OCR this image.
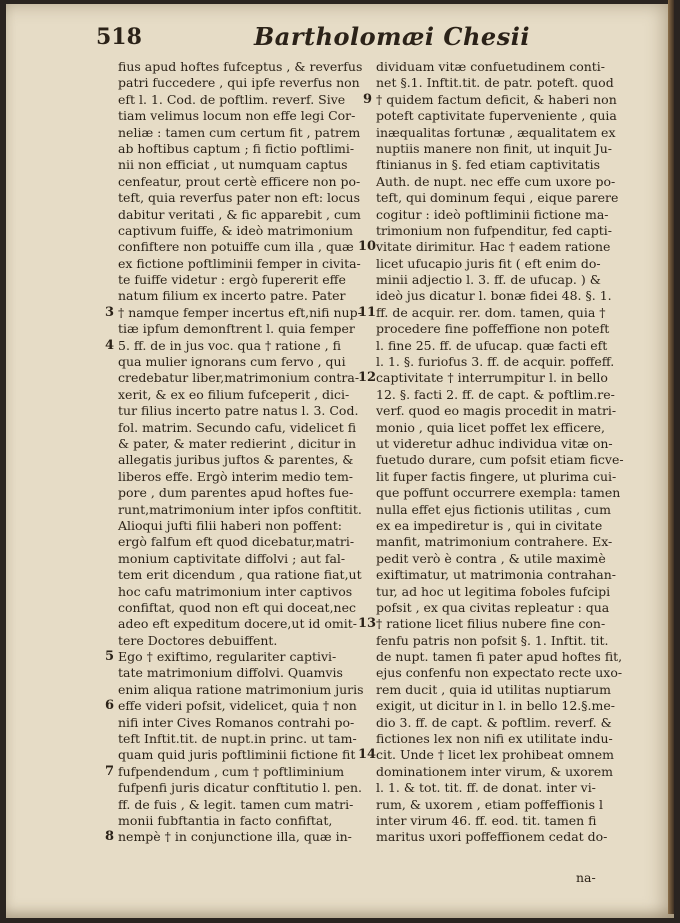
518	Bartholomæi Chesii
fius apud hoftes fufceptus , & reverfus
patri fuccedere , qui ipfe reverfus non
eft l. 1. Cod. de poftlim. reverf. Sive
tiam velimus locum non effe legi Cor-
neliæ : tamen cum certum fit , patrem
ab hoftibus captum ; fi fictio poftlimi-
nii non efficiat , ut numquam captus
cenfeatur, prout certè efficere non po-
teft, quia reverfus pater non eft: locus
dabitur veritati , & fic apparebit , cum
captivum fuiffe, & ideò matrimonium
confiftere non potuiffe cum illa , quæ
ex fictione poftliminii femper in civita-
te fuiffe videtur : ergò fupererit effe
natum filium ex incerto patre. Pater
3 † namque femper incertus eft,nifi nup-
tiæ ipfum demonftrent l. quia femper
4 5. ff. de in jus voc. qua † ratione , fi
qua mulier ignorans cum fervo , qui
credebatur liber,matrimonium contra-
xerit, & ex eo filium fufceperit , dici-
tur filius incerto patre natus l. 3. Cod.
fol. matrim. Secundo cafu, videlicet fi
& pater, & mater redierint , dicitur in
allegatis juribus juftos & parentes, &
liberos effe. Ergò interim medio tem-
pore , dum parentes apud hoftes fue-
runt,matrimonium inter ipfos conftitit.
Alioqui jufti filii haberi non poffent:
ergò falfum eft quod dicebatur,matri-
monium captivitate diffolvi ; aut fal-
tem erit dicendum , qua ratione fiat,ut
hoc cafu matrimonium inter captivos
confiftat, quod non eft qui doceat,nec
adeo eft expeditum docere,ut id omit-
tere Doctores debuiffent.
5 Ego † exiftimo, regulariter captivi-
tate matrimonium diffolvi. Quamvis
enim aliqua ratione matrimonium juris
6 effe videri pofsit, videlicet, quia † non
nifi inter Cives Romanos contrahi po-
teft Inftit.tit. de nupt.in princ. ut tam-
quam quid juris poftliminii fictione fit
7 fufpendendum , cum † poftliminium
fufpenfi juris dicatur conftitutio l. pen.
ff. de fuis , & legit. tamen cum matri-
monii fubftantia in facto confiftat,
8 nempè † in conjunctione illa, quæ in-
dividuam vitæ confuetudinem conti-
net §.1. Inftit.tit. de patr. poteft. quod
9 † quidem factum deficit, & haberi non
poteft captivitate fuperveniente , quia
inæqualitas fortunæ , æqualitatem ex
nuptiis manere non finit, ut inquit Ju-
ftinianus in §. fed etiam captivitatis
Auth. de nupt. nec effe cum uxore po-
teft, qui dominum fequi , eique parere
cogitur : ideò poftliminii fictione ma-
trimonium non fufpenditur, fed capti-
10 vitate dirimitur. Hac † eadem ratione
licet ufucapio juris fit ( eft enim do-
minii adjectio l. 3. ff. de ufucap. ) &
ideò jus dicatur l. bonæ fidei 48. §. 1.
11 ff. de acquir. rer. dom. tamen, quia †
procedere fine poffeffione non poteft
l. fine 25. ff. de ufucap. quæ facti eft
l. 1. §. furiofus 3. ff. de acquir. poffeff.
12 captivitate † interrumpitur l. in bello
12. §. facti 2. ff. de capt. & poftlim.re-
verf. quod eo magis procedit in matri-
monio , quia licet poffet lex efficere,
ut videretur adhuc individua vitæ on-
fuetudo durare, cum pofsit etiam ficve-
lit fuper factis fingere, ut plurima cui-
que poffunt occurrere exempla: tamen
nulla effet ejus fictionis utilitas , cum
ex ea impediretur is , qui in civitate
manfit, matrimonium contrahere. Ex-
pedit verò è contra , & utile maximè
exiftimatur, ut matrimonia contrahan-
tur, ad hoc ut legitima foboles fufcipi
pofsit , ex qua civitas repleatur : qua
13 † ratione licet filius nubere fine con-
fenfu patris non pofsit §. 1. Inftit. tit.
de nupt. tamen fi pater apud hoftes fit,
ejus confenfu non expectato recte uxo-
rem ducit , quia id utilitas nuptiarum
exigit, ut dicitur in l. in bello 12.§.me-
dio 3. ff. de capt. & poftlim. reverf. &
fictiones lex non nifi ex utilitate indu-
14 cit. Unde † licet lex prohibeat omnem
dominationem inter virum, & uxorem
l. 1. & tot. tit. ff. de donat. inter vi-
rum, & uxorem , etiam poffeffionis l
inter virum 46. ff. eod. tit. tamen fi
maritus uxori poffeffionem cedat do-
na-
